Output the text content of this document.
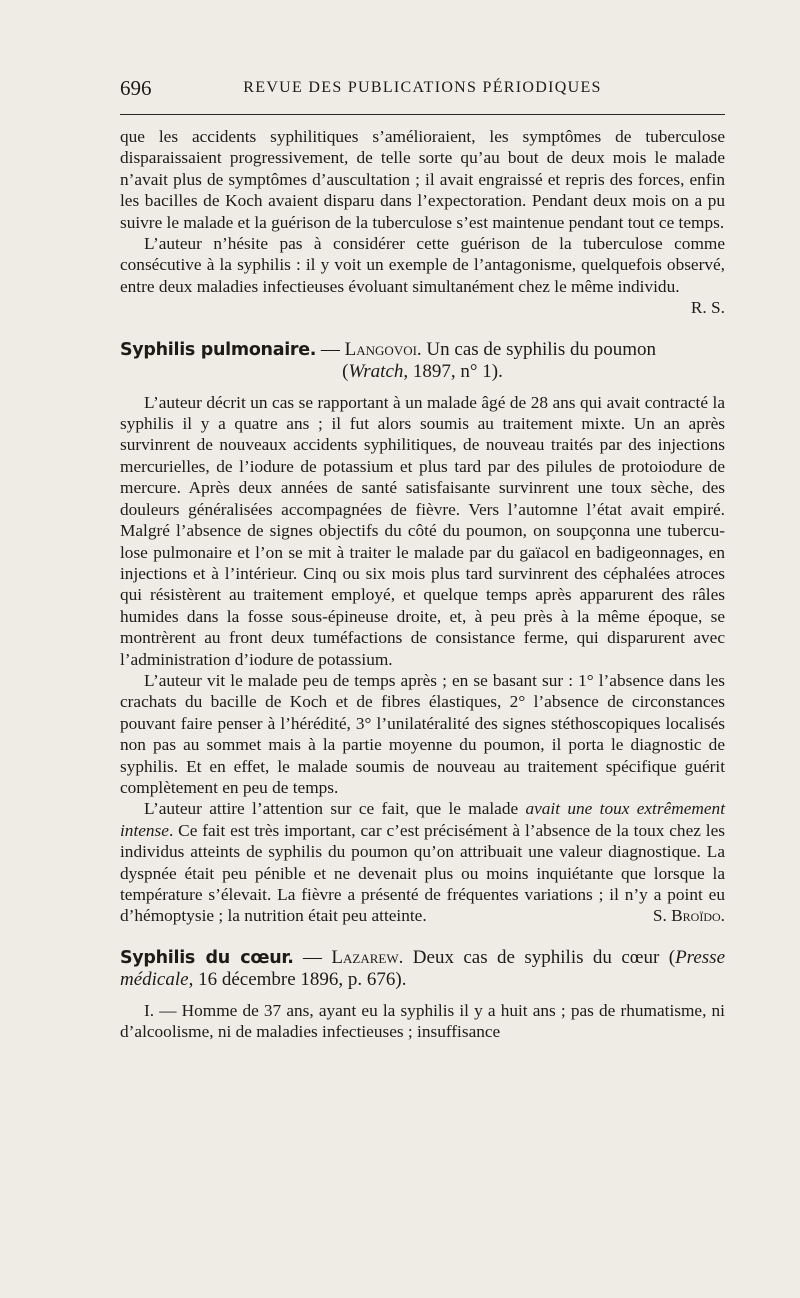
696	REVUE DES PUBLICATIONS PÉRIODIQUES

que les accidents syphilitiques s’amélioraient, les symptômes de tuberculose disparaissaient progressivement, de telle sorte qu’au bout de deux mois le malade n’avait plus de symptômes d’auscultation ; il avait engraissé et repris des forces, enfin les bacilles de Koch avaient disparu dans l’expectoration. Pendant deux mois on a pu suivre le malade et la guérison de la tuberculose s’est maintenue pendant tout ce temps.

L’auteur n’hésite pas à considérer cette guérison de la tuberculose comme consécutive à la syphilis : il y voit un exemple de l’antagonisme, quelquefois observé, entre deux maladies infectieuses évoluant simultanément chez le même individu.
R. S.

Syphilis pulmonaire. — Langovoi. Un cas de syphilis du poumon
(Wratch, 1897, n° 1).

L’auteur décrit un cas se rapportant à un malade âgé de 28 ans qui avait contracté la syphilis il y a quatre ans ; il fut alors soumis au traitement mixte. Un an après survinrent de nouveaux accidents syphilitiques, de nouveau traités par des injections mercurielles, de l’iodure de potassium et plus tard par des pilules de protoiodure de mercure. Après deux années de santé satisfaisante survinrent une toux sèche, des douleurs généralisées accompagnées de fièvre. Vers l’automne l’état avait empiré. Malgré l’absence de signes objectifs du côté du poumon, on soupçonna une tuberculose pulmonaire et l’on se mit à traiter le malade par du gaïacol en badigeonnages, en injections et à l’intérieur. Cinq ou six mois plus tard survinrent des céphalées atroces qui résistèrent au traitement employé, et quelque temps après apparurent des râles humides dans la fosse sous-épineuse droite, et, à peu près à la même époque, se montrèrent au front deux tuméfactions de consistance ferme, qui disparurent avec l’administration d’iodure de potassium.

L’auteur vit le malade peu de temps après ; en se basant sur : 1° l’absence dans les crachats du bacille de Koch et de fibres élastiques, 2° l’absence de circonstances pouvant faire penser à l’hérédité, 3° l’unilatéralité des signes stéthoscopiques localisés non pas au sommet mais à la partie moyenne du poumon, il porta le diagnostic de syphilis. Et en effet, le malade soumis de nouveau au traitement spécifique guérit complètement en peu de temps.

L’auteur attire l’attention sur ce fait, que le malade avait une toux extrêmement intense. Ce fait est très important, car c’est précisément à l’absence de la toux chez les individus atteints de syphilis du poumon qu’on attribuait une valeur diagnostique. La dyspnée était peu pénible et ne devenait plus ou moins inquiétante que lorsque la température s’élevait. La fièvre a présenté de fréquentes variations ; il n’y a point eu d’hémoptysie ; la nutrition était peu atteinte.	S. Broïdo.

Syphilis du cœur. — Lazarew. Deux cas de syphilis du cœur (Presse médicale, 16 décembre 1896, p. 676).

I. — Homme de 37 ans, ayant eu la syphilis il y a huit ans ; pas de rhumatisme, ni d’alcoolisme, ni de maladies infectieuses ; insuffisance
